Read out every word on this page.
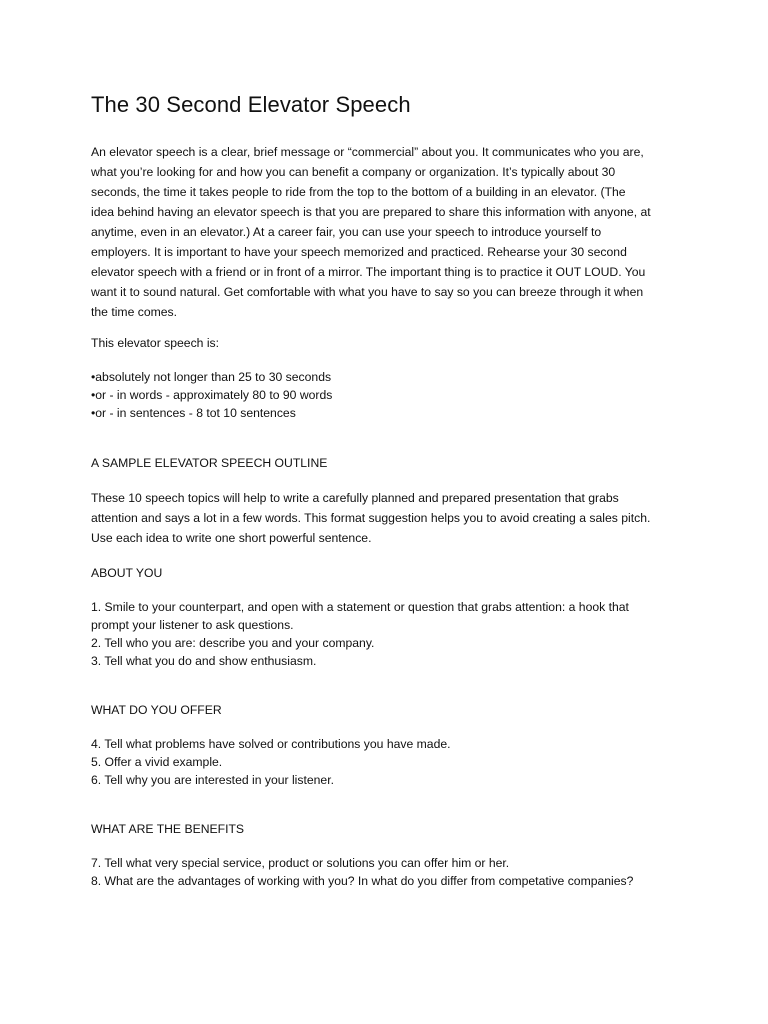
The 30 Second Elevator Speech

An elevator speech is a clear, brief message or “commercial” about you. It communicates who you are,
what you’re looking for and how you can benefit a company or organization. It’s typically about 30
seconds, the time it takes people to ride from the top to the bottom of a building in an elevator. (The
idea behind having an elevator speech is that you are prepared to share this information with anyone, at
anytime, even in an elevator.) At a career fair, you can use your speech to introduce yourself to
employers. It is important to have your speech memorized and practiced. Rehearse your 30 second
elevator speech with a friend or in front of a mirror. The important thing is to practice it OUT LOUD. You
want it to sound natural. Get comfortable with what you have to say so you can breeze through it when
the time comes.

This elevator speech is:

•absolutely not longer than 25 to 30 seconds
•or - in words - approximately 80 to 90 words
•or - in sentences - 8 tot 10 sentences
A SAMPLE ELEVATOR SPEECH OUTLINE

These 10 speech topics will help to write a carefully planned and prepared presentation that grabs
attention and says a lot in a few words. This format suggestion helps you to avoid creating a sales pitch.
Use each idea to write one short powerful sentence.

ABOUT YOU
1. Smile to your counterpart, and open with a statement or question that grabs attention: a hook that
prompt your listener to ask questions.
2. Tell who you are: describe you and your company.
3. Tell what you do and show enthusiasm.
WHAT DO YOU OFFER
4. Tell what problems have solved or contributions you have made.
5. Offer a vivid example.
6. Tell why you are interested in your listener.
WHAT ARE THE BENEFITS
7. Tell what very special service, product or solutions you can offer him or her.
8. What are the advantages of working with you? In what do you differ from competative companies?
